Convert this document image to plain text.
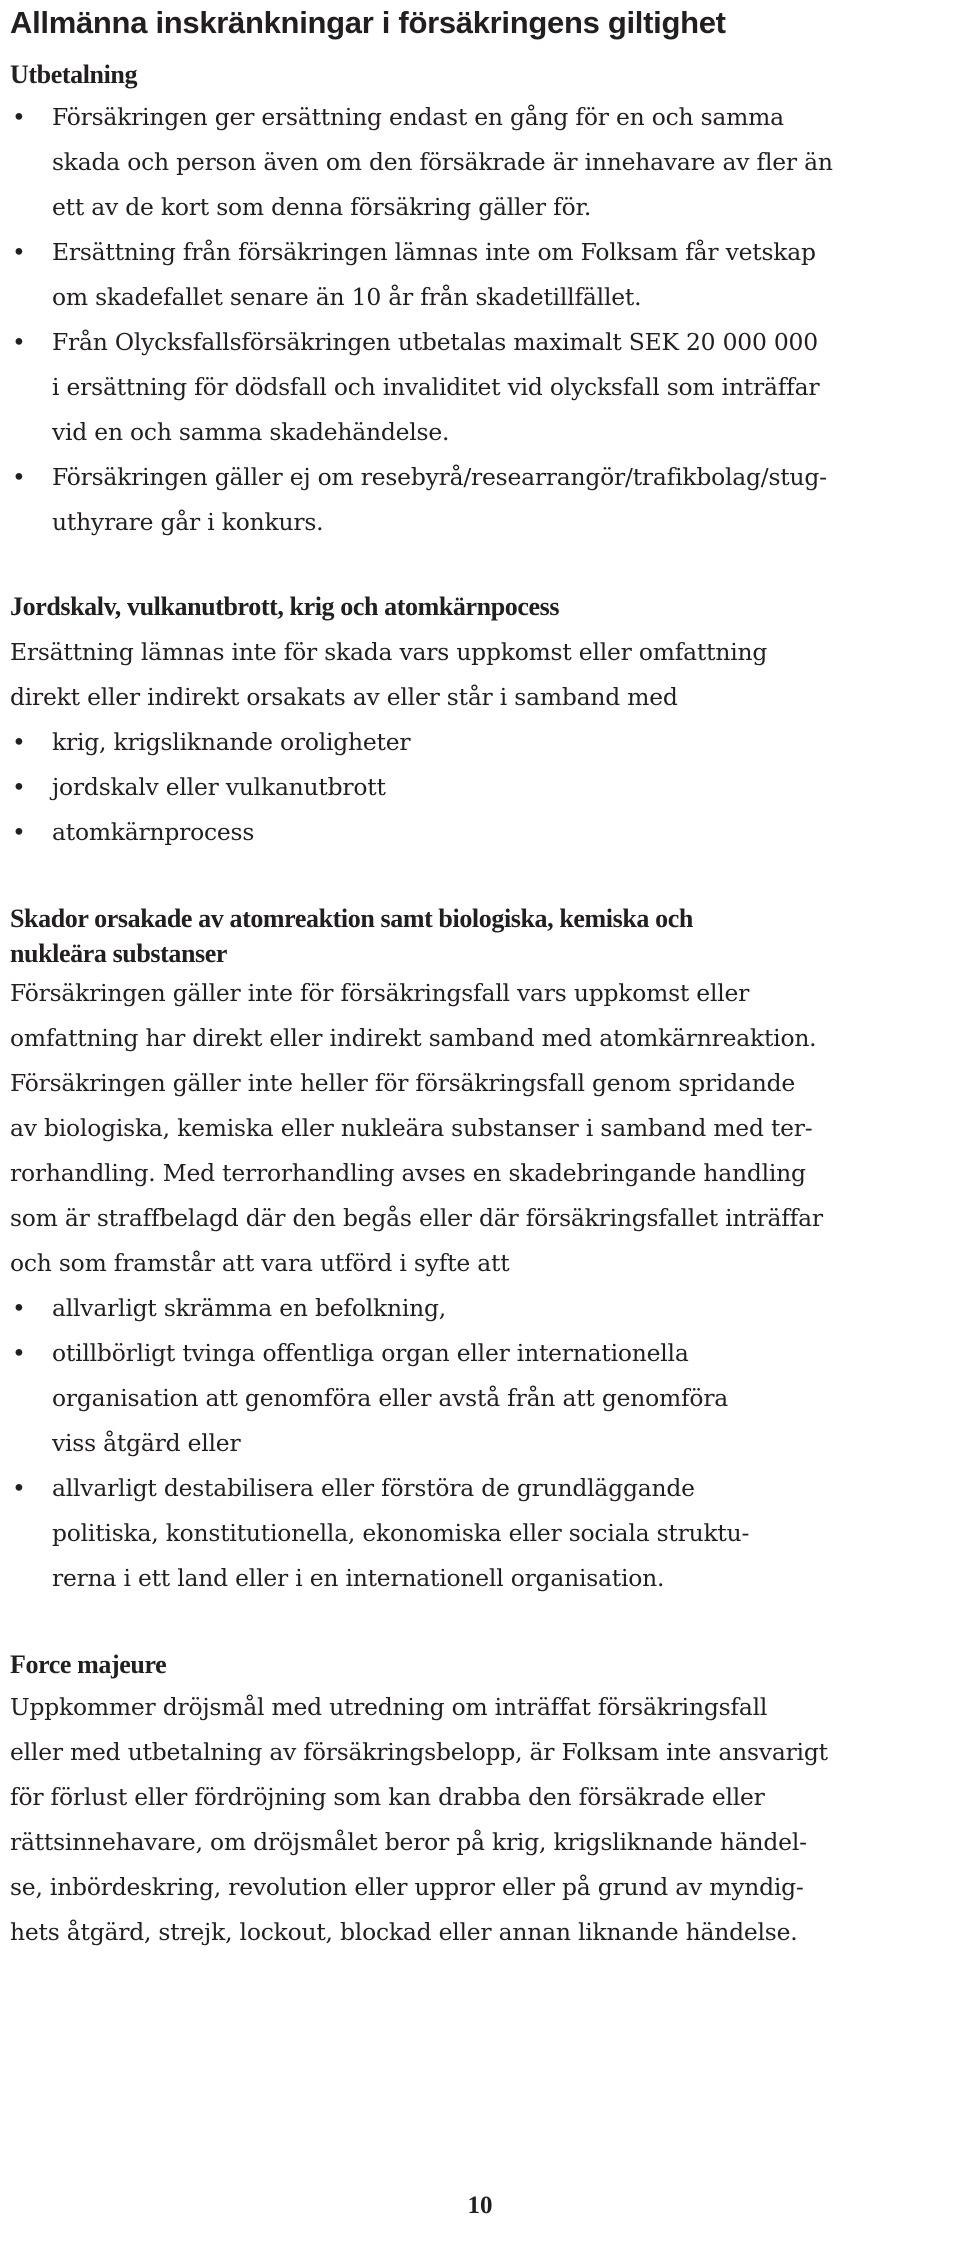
Allmänna inskränkningar i försäkringens giltighet
Utbetalning
• Försäkringen ger ersättning endast en gång för en och samma
skada och person även om den försäkrade är innehavare av fler än
ett av de kort som denna försäkring gäller för.
• Ersättning från försäkringen lämnas inte om Folksam får vetskap
om skadefallet senare än 10 år från skadetillfället.
• Från Olycksfallsförsäkringen utbetalas maximalt SEK 20 000 000
i ersättning för dödsfall och invaliditet vid olycksfall som inträffar
vid en och samma skadehändelse.
• Försäkringen gäller ej om resebyrå/researrangör/trafikbolag/stug-
uthyrare går i konkurs.
Jordskalv, vulkanutbrott, krig och atomkärnpocess

Ersättning lämnas inte för skada vars uppkomst eller omfattning
direkt eller indirekt orsakats av eller står i samband med

• krig, krigsliknande oroligheter
• jordskalv eller vulkanutbrott
• atomkärnprocess
Skador orsakade av atomreaktion samt biologiska, kemiska och
nukleära substanser

Försäkringen gäller inte för försäkringsfall vars uppkomst eller
omfattning har direkt eller indirekt samband med atomkärnreaktion.
Försäkringen gäller inte heller för försäkringsfall genom spridande
av biologiska, kemiska eller nukleära substanser i samband med ter-
rorhandling. Med terrorhandling avses en skadebringande handling
som är straffbelagd där den begås eller där försäkringsfallet inträffar
och som framstår att vara utförd i syfte att

• allvarligt skrämma en befolkning,
• otillbörligt tvinga offentliga organ eller internationella
organisation att genomföra eller avstå från att genomföra
viss åtgärd eller
• allvarligt destabilisera eller förstöra de grundläggande
politiska, konstitutionella, ekonomiska eller sociala struktu-
rerna i ett land eller i en internationell organisation.
Force majeure

Uppkommer dröjsmål med utredning om inträffat försäkringsfall
eller med utbetalning av försäkringsbelopp, är Folksam inte ansvarigt
för förlust eller fördröjning som kan drabba den försäkrade eller
rättsinnehavare, om dröjsmålet beror på krig, krigsliknande händel-
se, inbördeskring, revolution eller uppror eller på grund av myndig-
hets åtgärd, strejk, lockout, blockad eller annan liknande händelse.

10
